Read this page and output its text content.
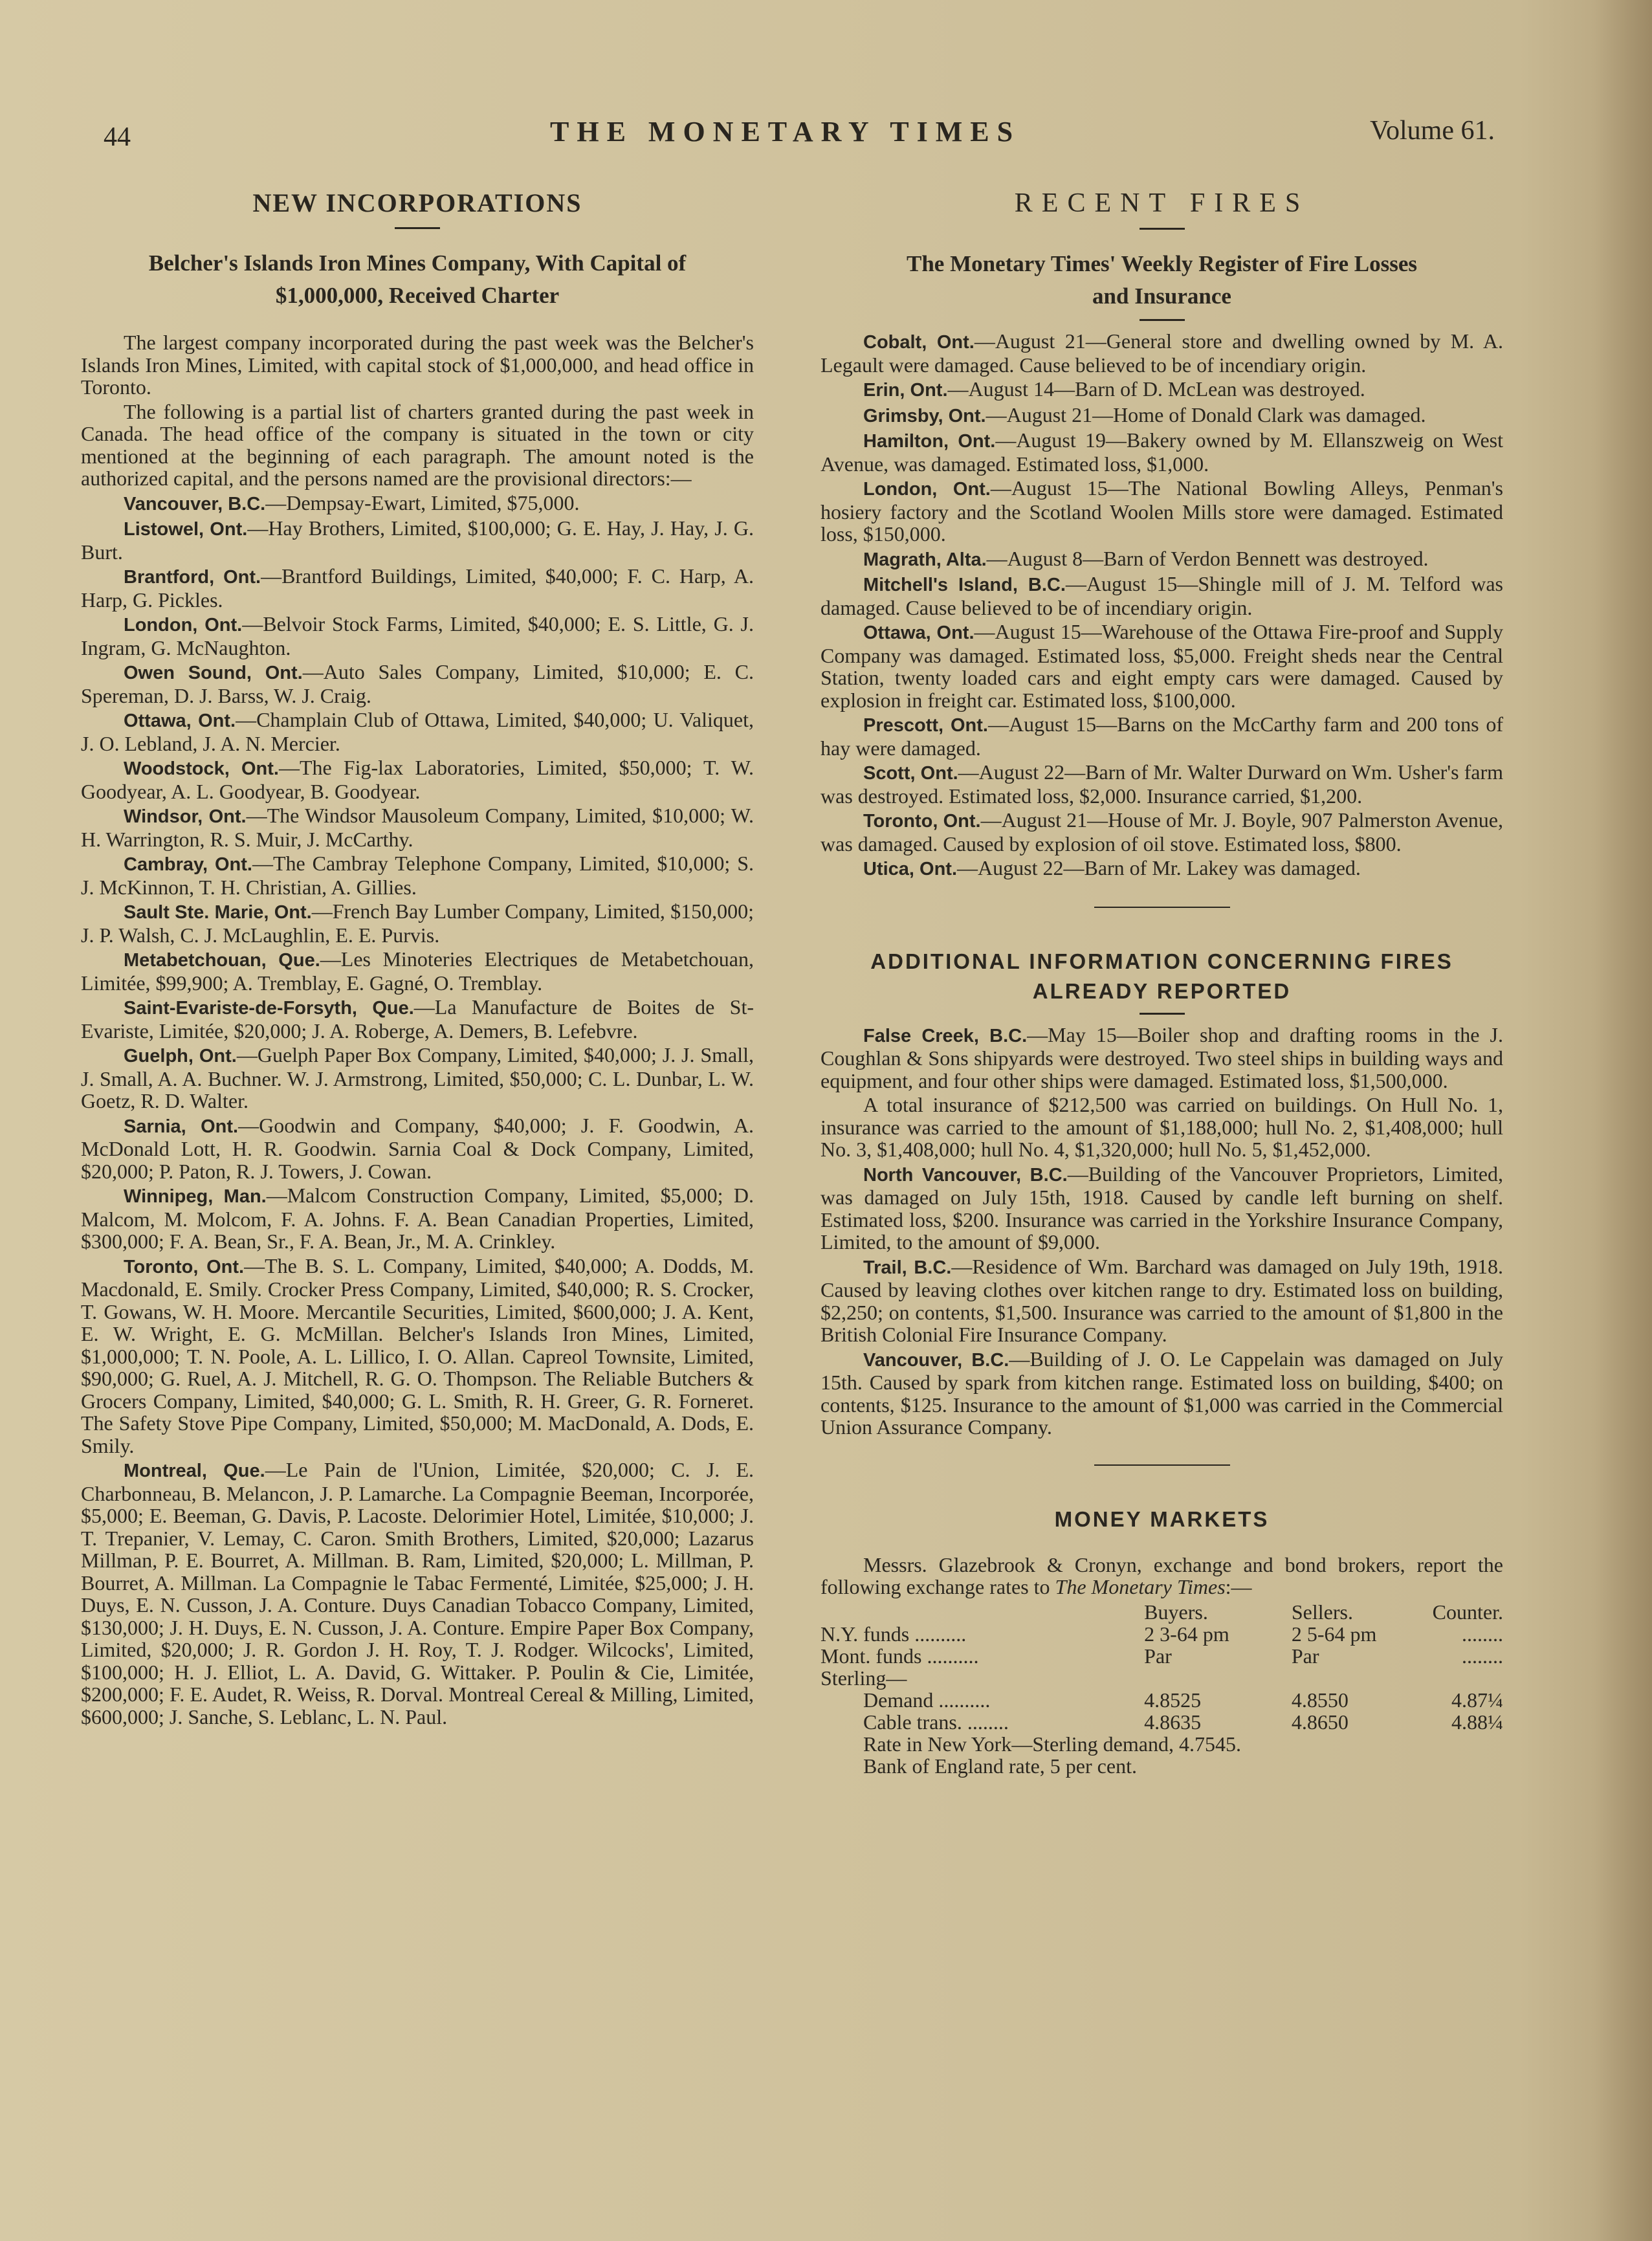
44	THE MONETARY TIMES	Volume 61.
NEW INCORPORATIONS
Belcher's Islands Iron Mines Company, With Capital of
$1,000,000, Received Charter

The largest company incorporated during the past week was the Belcher's Islands Iron Mines, Limited, with capital stock of $1,000,000, and head office in Toronto.

The following is a partial list of charters granted during the past week in Canada. The head office of the company is situated in the town or city mentioned at the beginning of each paragraph. The amount noted is the authorized capital, and the persons named are the provisional directors:—

Vancouver, B.C.—Dempsay-Ewart, Limited, $75,000.

Listowel, Ont.—Hay Brothers, Limited, $100,000; G. E. Hay, J. Hay, J. G. Burt.

Brantford, Ont.—Brantford Buildings, Limited, $40,000; F. C. Harp, A. Harp, G. Pickles.

London, Ont.—Belvoir Stock Farms, Limited, $40,000; E. S. Little, G. J. Ingram, G. McNaughton.

Owen Sound, Ont.—Auto Sales Company, Limited, $10,000; E. C. Spereman, D. J. Barss, W. J. Craig.

Ottawa, Ont.—Champlain Club of Ottawa, Limited, $40,000; U. Valiquet, J. O. Lebland, J. A. N. Mercier.

Woodstock, Ont.—The Fig-lax Laboratories, Limited, $50,000; T. W. Goodyear, A. L. Goodyear, B. Goodyear.

Windsor, Ont.—The Windsor Mausoleum Company, Limited, $10,000; W. H. Warrington, R. S. Muir, J. McCarthy.

Cambray, Ont.—The Cambray Telephone Company, Limited, $10,000; S. J. McKinnon, T. H. Christian, A. Gillies.

Sault Ste. Marie, Ont.—French Bay Lumber Company, Limited, $150,000; J. P. Walsh, C. J. McLaughlin, E. E. Purvis.

Metabetchouan, Que.—Les Minoteries Electriques de Metabetchouan, Limitée, $99,900; A. Tremblay, E. Gagné, O. Tremblay.

Saint-Evariste-de-Forsyth, Que.—La Manufacture de Boites de St-Evariste, Limitée, $20,000; J. A. Roberge, A. Demers, B. Lefebvre.

Guelph, Ont.—Guelph Paper Box Company, Limited, $40,000; J. J. Small, J. Small, A. A. Buchner. W. J. Armstrong, Limited, $50,000; C. L. Dunbar, L. W. Goetz, R. D. Walter.

Sarnia, Ont.—Goodwin and Company, $40,000; J. F. Goodwin, A. McDonald Lott, H. R. Goodwin. Sarnia Coal & Dock Company, Limited, $20,000; P. Paton, R. J. Towers, J. Cowan.

Winnipeg, Man.—Malcom Construction Company, Limited, $5,000; D. Malcom, M. Molcom, F. A. Johns. F. A. Bean Canadian Properties, Limited, $300,000; F. A. Bean, Sr., F. A. Bean, Jr., M. A. Crinkley.

Toronto, Ont.—The B. S. L. Company, Limited, $40,000; A. Dodds, M. Macdonald, E. Smily. Crocker Press Company, Limited, $40,000; R. S. Crocker, T. Gowans, W. H. Moore. Mercantile Securities, Limited, $600,000; J. A. Kent, E. W. Wright, E. G. McMillan. Belcher's Islands Iron Mines, Limited, $1,000,000; T. N. Poole, A. L. Lillico, I. O. Allan. Capreol Townsite, Limited, $90,000; G. Ruel, A. J. Mitchell, R. G. O. Thompson. The Reliable Butchers & Grocers Company, Limited, $40,000; G. L. Smith, R. H. Greer, G. R. Forneret. The Safety Stove Pipe Company, Limited, $50,000; M. MacDonald, A. Dods, E. Smily.

Montreal, Que.—Le Pain de l'Union, Limitée, $20,000; C. J. E. Charbonneau, B. Melancon, J. P. Lamarche. La Compagnie Beeman, Incorporée, $5,000; E. Beeman, G. Davis, P. Lacoste. Delorimier Hotel, Limitée, $10,000; J. T. Trepanier, V. Lemay, C. Caron. Smith Brothers, Limited, $20,000; Lazarus Millman, P. E. Bourret, A. Millman. B. Ram, Limited, $20,000; L. Millman, P. Bourret, A. Millman. La Compagnie le Tabac Fermenté, Limitée, $25,000; J. H. Duys, E. N. Cusson, J. A. Conture. Duys Canadian Tobacco Company, Limited, $130,000; J. H. Duys, E. N. Cusson, J. A. Conture. Empire Paper Box Company, Limited, $20,000; J. R. Gordon J. H. Roy, T. J. Rodger. Wilcocks', Limited, $100,000; H. J. Elliot, L. A. David, G. Wittaker. P. Poulin & Cie, Limitée, $200,000; F. E. Audet, R. Weiss, R. Dorval. Montreal Cereal & Milling, Limited, $600,000; J. Sanche, S. Leblanc, L. N. Paul.

RECENT FIRES
The Monetary Times' Weekly Register of Fire Losses
and Insurance

Cobalt, Ont.—August 21—General store and dwelling owned by M. A. Legault were damaged. Cause believed to be of incendiary origin.

Erin, Ont.—August 14—Barn of D. McLean was destroyed.

Grimsby, Ont.—August 21—Home of Donald Clark was damaged.

Hamilton, Ont.—August 19—Bakery owned by M. Ellanszweig on West Avenue, was damaged. Estimated loss, $1,000.

London, Ont.—August 15—The National Bowling Alleys, Penman's hosiery factory and the Scotland Woolen Mills store were damaged. Estimated loss, $150,000.

Magrath, Alta.—August 8—Barn of Verdon Bennett was destroyed.

Mitchell's Island, B.C.—August 15—Shingle mill of J. M. Telford was damaged. Cause believed to be of incendiary origin.

Ottawa, Ont.—August 15—Warehouse of the Ottawa Fire-proof and Supply Company was damaged. Estimated loss, $5,000. Freight sheds near the Central Station, twenty loaded cars and eight empty cars were damaged. Caused by explosion in freight car. Estimated loss, $100,000.

Prescott, Ont.—August 15—Barns on the McCarthy farm and 200 tons of hay were damaged.

Scott, Ont.—August 22—Barn of Mr. Walter Durward on Wm. Usher's farm was destroyed. Estimated loss, $2,000. Insurance carried, $1,200.

Toronto, Ont.—August 21—House of Mr. J. Boyle, 907 Palmerston Avenue, was damaged. Caused by explosion of oil stove. Estimated loss, $800.

Utica, Ont.—August 22—Barn of Mr. Lakey was damaged.

ADDITIONAL INFORMATION CONCERNING FIRES
ALREADY REPORTED

False Creek, B.C.—May 15—Boiler shop and drafting rooms in the J. Coughlan & Sons shipyards were destroyed. Two steel ships in building ways and equipment, and four other ships were damaged. Estimated loss, $1,500,000.

A total insurance of $212,500 was carried on buildings. On Hull No. 1, insurance was carried to the amount of $1,188,000; hull No. 2, $1,408,000; hull No. 3, $1,408,000; hull No. 4, $1,320,000; hull No. 5, $1,452,000.

North Vancouver, B.C.—Building of the Vancouver Proprietors, Limited, was damaged on July 15th, 1918. Caused by candle left burning on shelf. Estimated loss, $200. Insurance was carried in the Yorkshire Insurance Company, Limited, to the amount of $9,000.

Trail, B.C.—Residence of Wm. Barchard was damaged on July 19th, 1918. Caused by leaving clothes over kitchen range to dry. Estimated loss on building, $2,250; on contents, $1,500. Insurance was carried to the amount of $1,800 in the British Colonial Fire Insurance Company.

Vancouver, B.C.—Building of J. O. Le Cappelain was damaged on July 15th. Caused by spark from kitchen range. Estimated loss on building, $400; on contents, $125. Insurance to the amount of $1,000 was carried in the Commercial Union Assurance Company.

MONEY MARKETS

Messrs. Glazebrook & Cronyn, exchange and bond brokers, report the following exchange rates to The Monetary Times:—

	Buyers.	Sellers.	Counter.
N.Y. funds ..........	2 3-64 pm	2 5-64 pm	........
Mont. funds ..........	Par	Par	........
Sterling—			
Demand ..........	4.8525	4.8550	4.87¼
Cable trans. ........	4.8635	4.8650	4.88¼
Rate in New York—Sterling demand, 4.7545.
Bank of England rate, 5 per cent.
